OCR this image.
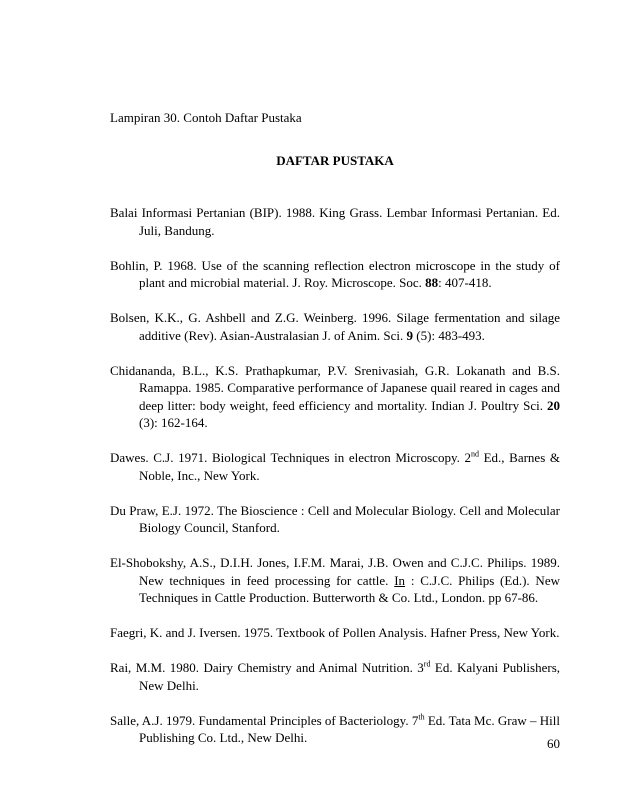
Lampiran 30. Contoh Daftar Pustaka
DAFTAR PUSTAKA

Balai Informasi Pertanian (BIP). 1988. King Grass. Lembar Informasi Pertanian. Ed. Juli, Bandung.

Bohlin, P. 1968. Use of the scanning reflection electron microscope in the study of plant and microbial material. J. Roy. Microscope. Soc. 88: 407-418.

Bolsen, K.K., G. Ashbell and Z.G. Weinberg. 1996. Silage fermentation and silage additive (Rev). Asian-Australasian J. of Anim. Sci. 9 (5): 483-493.

Chidananda, B.L., K.S. Prathapkumar, P.V. Srenivasiah, G.R. Lokanath and B.S. Ramappa. 1985. Comparative performance of Japanese quail reared in cages and deep litter: body weight, feed efficiency and mortality. Indian J. Poultry Sci. 20 (3): 162-164.

Dawes. C.J. 1971. Biological Techniques in electron Microscopy. 2nd Ed., Barnes & Noble, Inc., New York.

Du Praw, E.J. 1972. The Bioscience : Cell and Molecular Biology. Cell and Molecular Biology Council, Stanford.

El-Shobokshy, A.S., D.I.H. Jones, I.F.M. Marai, J.B. Owen and C.J.C. Philips. 1989. New techniques in feed processing for cattle. In : C.J.C. Philips (Ed.). New Techniques in Cattle Production. Butterworth & Co. Ltd., London. pp 67-86.

Faegri, K. and J. Iversen. 1975. Textbook of Pollen Analysis. Hafner Press, New York.

Rai, M.M. 1980. Dairy Chemistry and Animal Nutrition. 3rd Ed. Kalyani Publishers, New Delhi.

Salle, A.J. 1979. Fundamental Principles of Bacteriology. 7th Ed. Tata Mc. Graw – Hill Publishing Co. Ltd., New Delhi.	60
